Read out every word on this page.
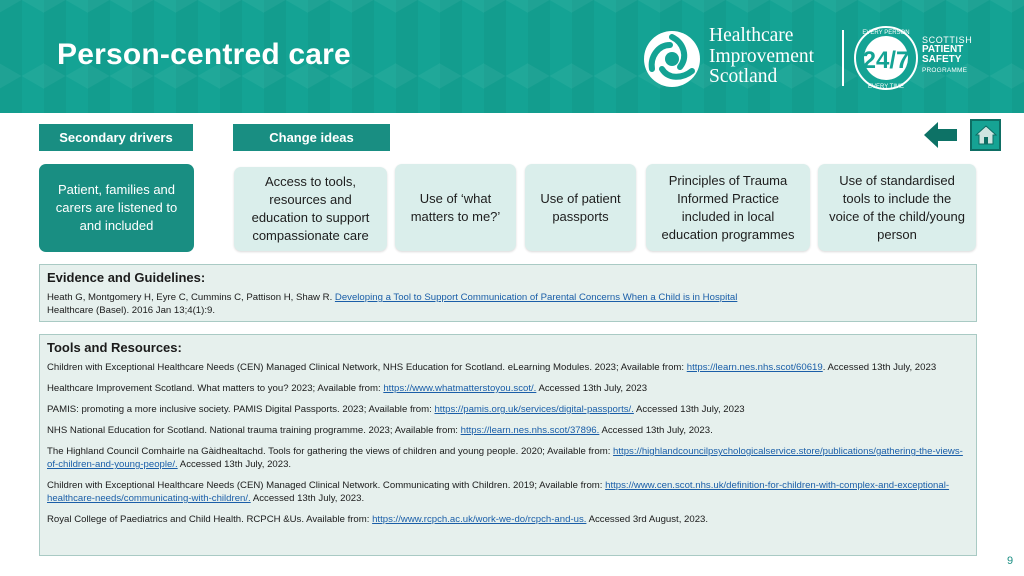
Person-centred care
Healthcare
Improvement
Scotland
24/7
EVERY PERSON
EVERY TIME
SCOTTISH
PATIENT
SAFETY
PROGRAMME
Secondary drivers	Change ideas
Patient, families and carers are listened to and included
Access to tools, resources and education to support compassionate care
Use of ‘what matters to me?’
Use of patient passports
Principles of Trauma Informed Practice included in local education programmes
Use of standardised tools to include the voice of the child/young person
Evidence and Guidelines:
Heath G, Montgomery H, Eyre C, Cummins C, Pattison H, Shaw R. Developing a Tool to Support Communication of Parental Concerns When a Child is in Hospital
Healthcare (Basel). 2016 Jan 13;4(1):9.
Tools and Resources:
Children with Exceptional Healthcare Needs (CEN) Managed Clinical Network, NHS Education for Scotland. eLearning Modules. 2023; Available from: https://learn.nes.nhs.scot/60619. Accessed 13th July, 2023
Healthcare Improvement Scotland. What matters to you? 2023; Available from: https://www.whatmatterstoyou.scot/. Accessed 13th July, 2023
PAMIS: promoting a more inclusive society. PAMIS Digital Passports. 2023; Available from: https://pamis.org.uk/services/digital-passports/. Accessed 13th July, 2023
NHS National Education for Scotland. National trauma training programme. 2023; Available from: https://learn.nes.nhs.scot/37896. Accessed 13th July, 2023.
The Highland Council Comhairle na Gàidhealtachd. Tools for gathering the views of children and young people. 2020; Available from: https://highlandcouncilpsychologicalservice.store/publications/gathering-the-views-of-children-and-young-people/. Accessed 13th July, 2023.
Children with Exceptional Healthcare Needs (CEN) Managed Clinical Network. Communicating with Children. 2019; Available from: https://www.cen.scot.nhs.uk/definition-for-children-with-complex-and-exceptional-healthcare-needs/communicating-with-children/. Accessed 13th July, 2023.
Royal College of Paediatrics and Child Health. RCPCH &Us. Available from: https://www.rcpch.ac.uk/work-we-do/rcpch-and-us. Accessed 3rd August, 2023.
9
